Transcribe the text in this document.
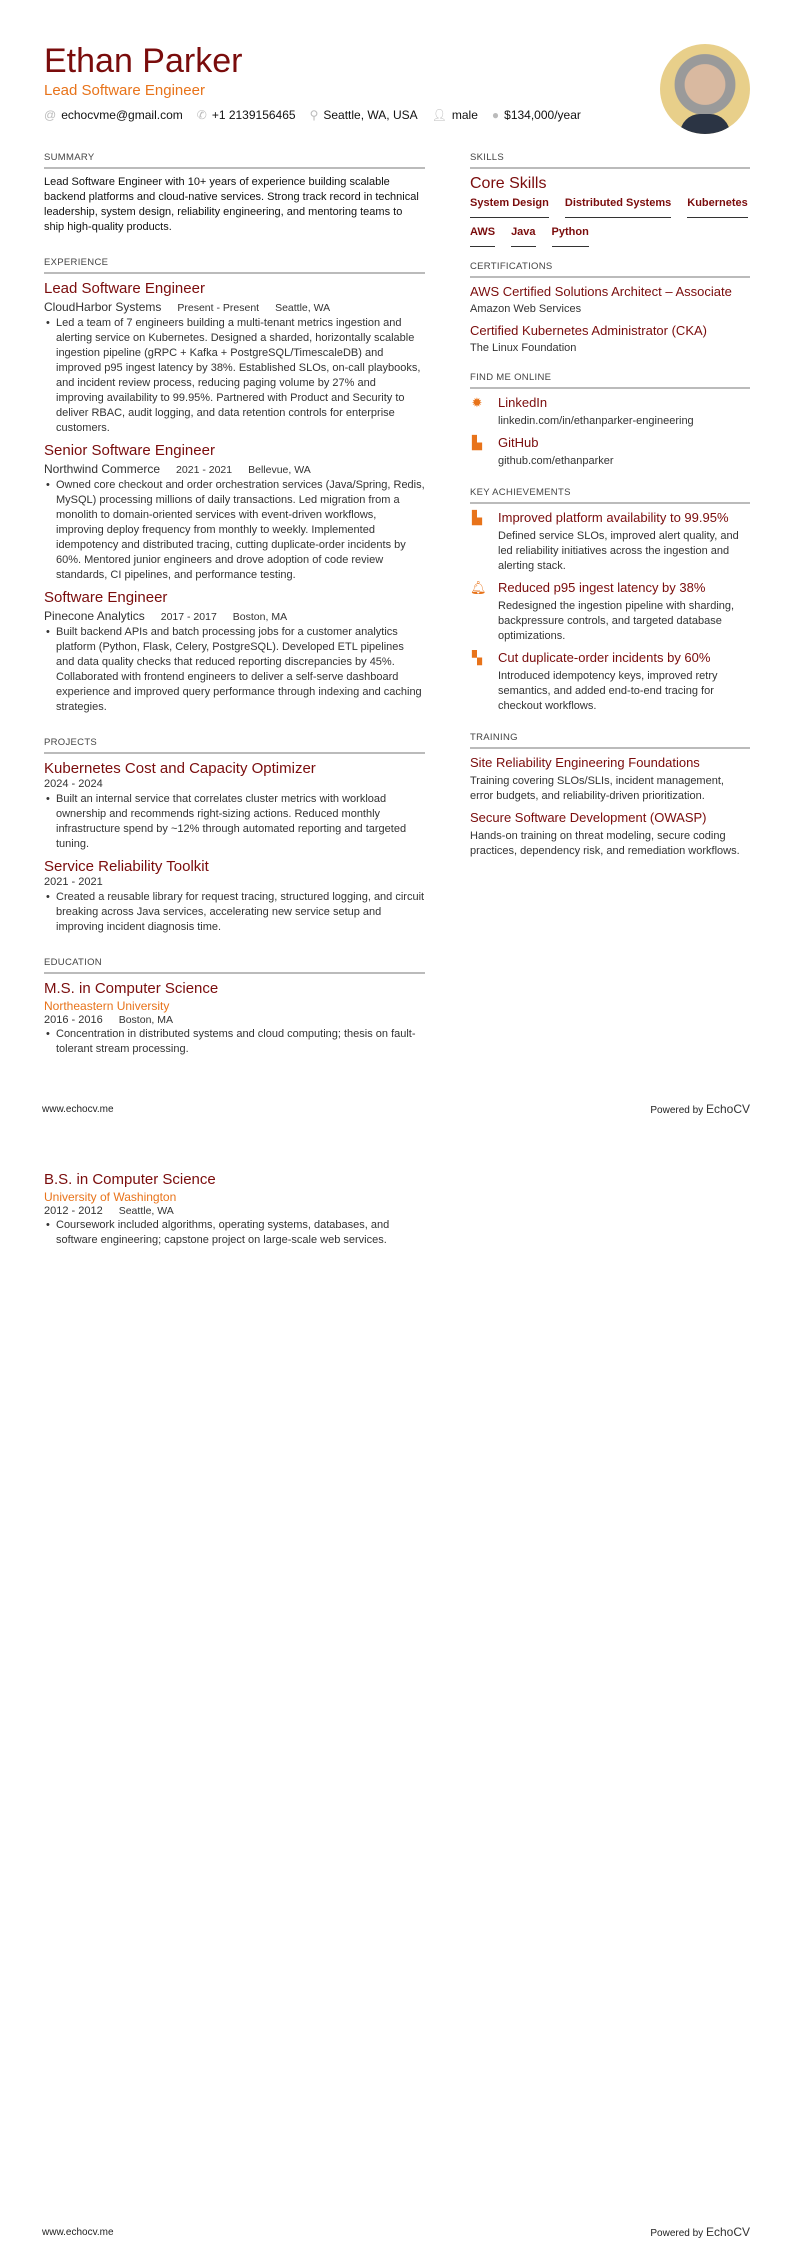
Ethan Parker
Lead Software Engineer
@ echocvme@gmail.com ✆ +1 2139156465 ⚲ Seattle, WA, USA 👤︎ male ● $134,000/year
SUMMARY

Lead Software Engineer with 10+ years of experience building scalable backend platforms and cloud-native services. Strong track record in technical leadership, system design, reliability engineering, and mentoring teams to ship high-quality products.

EXPERIENCE
Lead Software Engineer
CloudHarbor Systems Present - Present Seattle, WA
• Led a team of 7 engineers building a multi-tenant metrics ingestion and alerting service on Kubernetes. Designed a sharded, horizontally scalable ingestion pipeline (gRPC + Kafka + PostgreSQL/TimescaleDB) and improved p95 ingest latency by 38%. Established SLOs, on-call playbooks, and incident review process, reducing paging volume by 27% and improving availability to 99.95%. Partnered with Product and Security to deliver RBAC, audit logging, and data retention controls for enterprise customers.
Senior Software Engineer
Northwind Commerce 2021 - 2021 Bellevue, WA
• Owned core checkout and order orchestration services (Java/Spring, Redis, MySQL) processing millions of daily transactions. Led migration from a monolith to domain-oriented services with event-driven workflows, improving deploy frequency from monthly to weekly. Implemented idempotency and distributed tracing, cutting duplicate-order incidents by 60%. Mentored junior engineers and drove adoption of code review standards, CI pipelines, and performance testing.
Software Engineer
Pinecone Analytics 2017 - 2017 Boston, MA
• Built backend APIs and batch processing jobs for a customer analytics platform (Python, Flask, Celery, PostgreSQL). Developed ETL pipelines and data quality checks that reduced reporting discrepancies by 45%. Collaborated with frontend engineers to deliver a self-serve dashboard experience and improved query performance through indexing and caching strategies.
PROJECTS
Kubernetes Cost and Capacity Optimizer
2024 - 2024
• Built an internal service that correlates cluster metrics with workload ownership and recommends right-sizing actions. Reduced monthly infrastructure spend by ~12% through automated reporting and targeted tuning.
Service Reliability Toolkit
2021 - 2021
• Created a reusable library for request tracing, structured logging, and circuit breaking across Java services, accelerating new service setup and improving incident diagnosis time.
EDUCATION
M.S. in Computer Science
Northeastern University
2016 - 2016 Boston, MA
• Concentration in distributed systems and cloud computing; thesis on fault-tolerant stream processing.
SKILLS
Core Skills
System Design Distributed Systems Kubernetes
AWS Java Python
CERTIFICATIONS
AWS Certified Solutions Architect – Associate
Amazon Web Services
Certified Kubernetes Administrator (CKA)
The Linux Foundation
FIND ME ONLINE
✹ LinkedIn
linkedin.com/in/ethanparker-engineering
▙ GitHub
github.com/ethanparker
KEY ACHIEVEMENTS
▙ Improved platform availability to 99.95%
Defined service SLOs, improved alert quality, and led reliability initiatives across the ingestion and alerting stack.
🔔︎ Reduced p95 ingest latency by 38%
Redesigned the ingestion pipeline with sharding, backpressure controls, and targeted database optimizations.
▚ Cut duplicate-order incidents by 60%
Introduced idempotency keys, improved retry semantics, and added end-to-end tracing for checkout workflows.
TRAINING
Site Reliability Engineering Foundations
Training covering SLOs/SLIs, incident management, error budgets, and reliability-driven prioritization.
Secure Software Development (OWASP)
Hands-on training on threat modeling, secure coding practices, dependency risk, and remediation workflows.
www.echocv.me	Powered by EchoCV
B.S. in Computer Science
University of Washington
2012 - 2012 Seattle, WA
• Coursework included algorithms, operating systems, databases, and software engineering; capstone project on large-scale web services.
www.echocv.me	Powered by EchoCV
